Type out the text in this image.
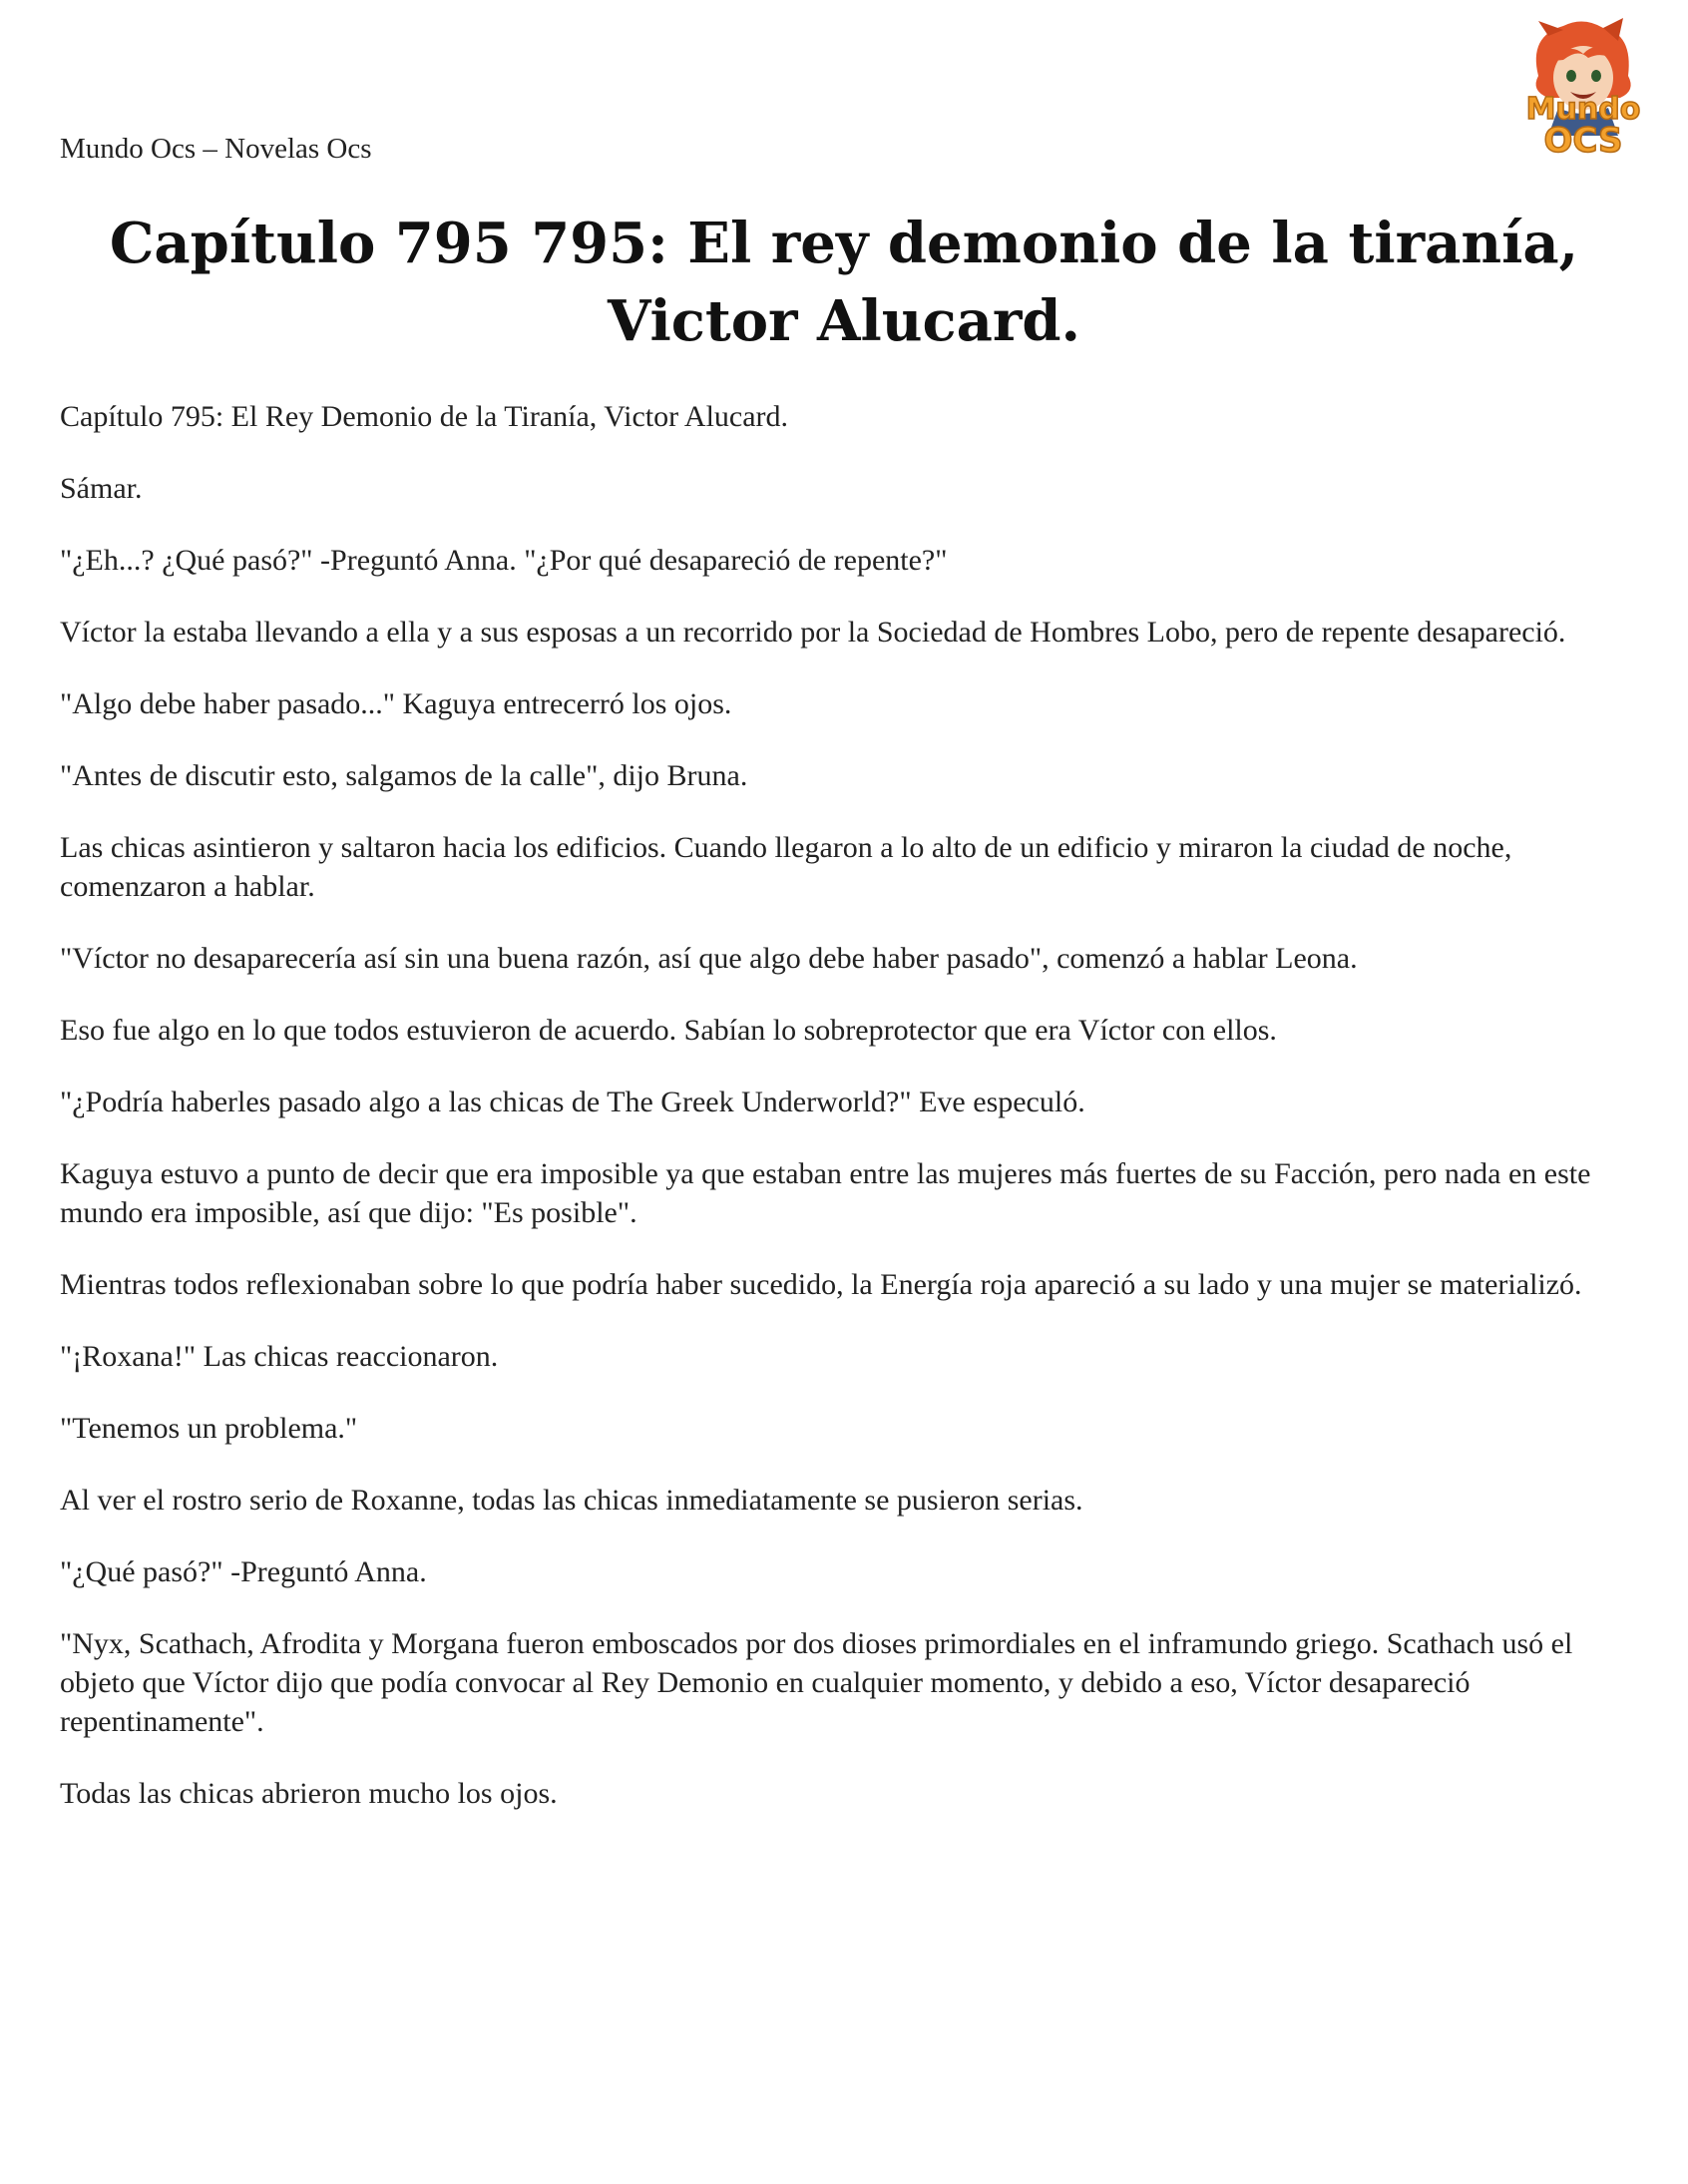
Mundo Ocs – Novelas Ocs
Mundo
OCS
Capítulo 795 795: El rey demonio de la tiranía,
Victor Alucard.

Capítulo 795: El Rey Demonio de la Tiranía, Victor Alucard.

Sámar.

"¿Eh...? ¿Qué pasó?" -Preguntó Anna. "¿Por qué desapareció de repente?"

Víctor la estaba llevando a ella y a sus esposas a un recorrido por la Sociedad de Hombres Lobo, pero de repente desapareció.

"Algo debe haber pasado..." Kaguya entrecerró los ojos.

"Antes de discutir esto, salgamos de la calle", dijo Bruna.

Las chicas asintieron y saltaron hacia los edificios. Cuando llegaron a lo alto de un edificio y miraron la ciudad de noche, comenzaron a hablar.

"Víctor no desaparecería así sin una buena razón, así que algo debe haber pasado", comenzó a hablar Leona.

Eso fue algo en lo que todos estuvieron de acuerdo. Sabían lo sobreprotector que era Víctor con ellos.

"¿Podría haberles pasado algo a las chicas de The Greek Underworld?" Eve especuló.

Kaguya estuvo a punto de decir que era imposible ya que estaban entre las mujeres más fuertes de su Facción, pero nada en este mundo era imposible, así que dijo: "Es posible".

Mientras todos reflexionaban sobre lo que podría haber sucedido, la Energía roja apareció a su lado y una mujer se materializó.

"¡Roxana!" Las chicas reaccionaron.

"Tenemos un problema."

Al ver el rostro serio de Roxanne, todas las chicas inmediatamente se pusieron serias.

"¿Qué pasó?" -Preguntó Anna.

"Nyx, Scathach, Afrodita y Morgana fueron emboscados por dos dioses primordiales en el inframundo griego. Scathach usó el objeto que Víctor dijo que podía convocar al Rey Demonio en cualquier momento, y debido a eso, Víctor desapareció repentinamente".

Todas las chicas abrieron mucho los ojos.
